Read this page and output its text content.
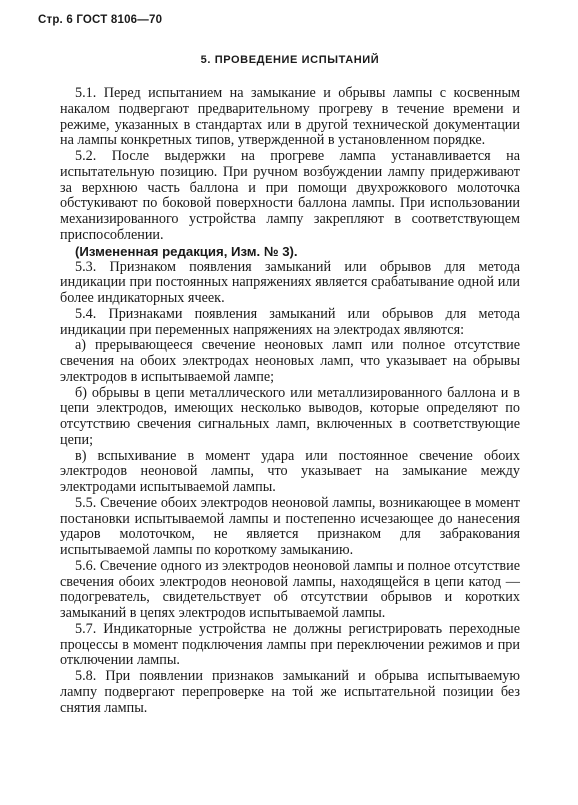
Стр. 6 ГОСТ 8106—70
5. ПРОВЕДЕНИЕ ИСПЫТАНИЙ

5.1. Перед испытанием на замыкание и обрывы лампы с косвенным накалом подвергают предварительному прогреву в течение времени и режиме, указанных в стандартах или в другой технической документации на лампы конкретных типов, утвержденной в установленном порядке.

5.2. После выдержки на прогреве лампа устанавливается на испытательную позицию. При ручном возбуждении лампу придерживают за верхнюю часть баллона и при помощи двухрожкового молоточка обстукивают по боковой поверхности баллона лампы. При использовании механизированного устройства лампу закрепляют в соответствующем приспособлении.

(Измененная редакция, Изм. № 3).

5.3. Признаком появления замыканий или обрывов для метода индикации при постоянных напряжениях является срабатывание одной или более индикаторных ячеек.

5.4. Признаками появления замыканий или обрывов для метода индикации при переменных напряжениях на электродах являются:

а) прерывающееся свечение неоновых ламп или полное отсутствие свечения на обоих электродах неоновых ламп, что указывает на обрывы электродов в испытываемой лампе;

б) обрывы в цепи металлического или металлизированного баллона и в цепи электродов, имеющих несколько выводов, которые определяют по отсутствию свечения сигнальных ламп, включенных в соответствующие цепи;

в) вспыхивание в момент удара или постоянное свечение обоих электродов неоновой лампы, что указывает на замыкание между электродами испытываемой лампы.

5.5. Свечение обоих электродов неоновой лампы, возникающее в момент постановки испытываемой лампы и постепенно исчезающее до нанесения ударов молоточком, не является признаком для забракования испытываемой лампы по короткому замыканию.

5.6. Свечение одного из электродов неоновой лампы и полное отсутствие свечения обоих электродов неоновой лампы, находящейся в цепи катод — подогреватель, свидетельствует об отсутствии обрывов и коротких замыканий в цепях электродов испытываемой лампы.

5.7. Индикаторные устройства не должны регистрировать переходные процессы в момент подключения лампы при переключении режимов и при отключении лампы.

5.8. При появлении признаков замыканий и обрыва испытываемую лампу подвергают перепроверке на той же испытательной позиции без снятия лампы.
